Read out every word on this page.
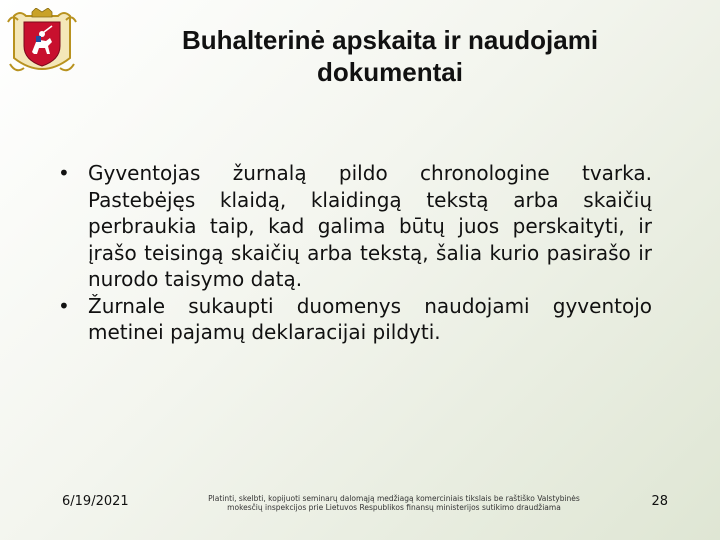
Buhalterinė apskaita ir naudojami
dokumentai
• Gyventojas žurnalą pildo chronologine tvarka. Pastebėjęs klaidą, klaidingą tekstą arba skaičių perbraukia taip, kad galima būtų juos perskaityti, ir įrašo teisingą skaičių arba tekstą, šalia kurio pasirašo ir nurodo taisymo datą.
• Žurnale sukaupti duomenys naudojami gyventojo metinei pajamų deklaracijai pildyti.
6/19/2021	Platinti, skelbti, kopijuoti seminarų dalomąją medžiagą komerciniais tikslais be raštiško Valstybinės
mokesčių inspekcijos prie Lietuvos Respublikos finansų ministerijos sutikimo draudžiama	28
